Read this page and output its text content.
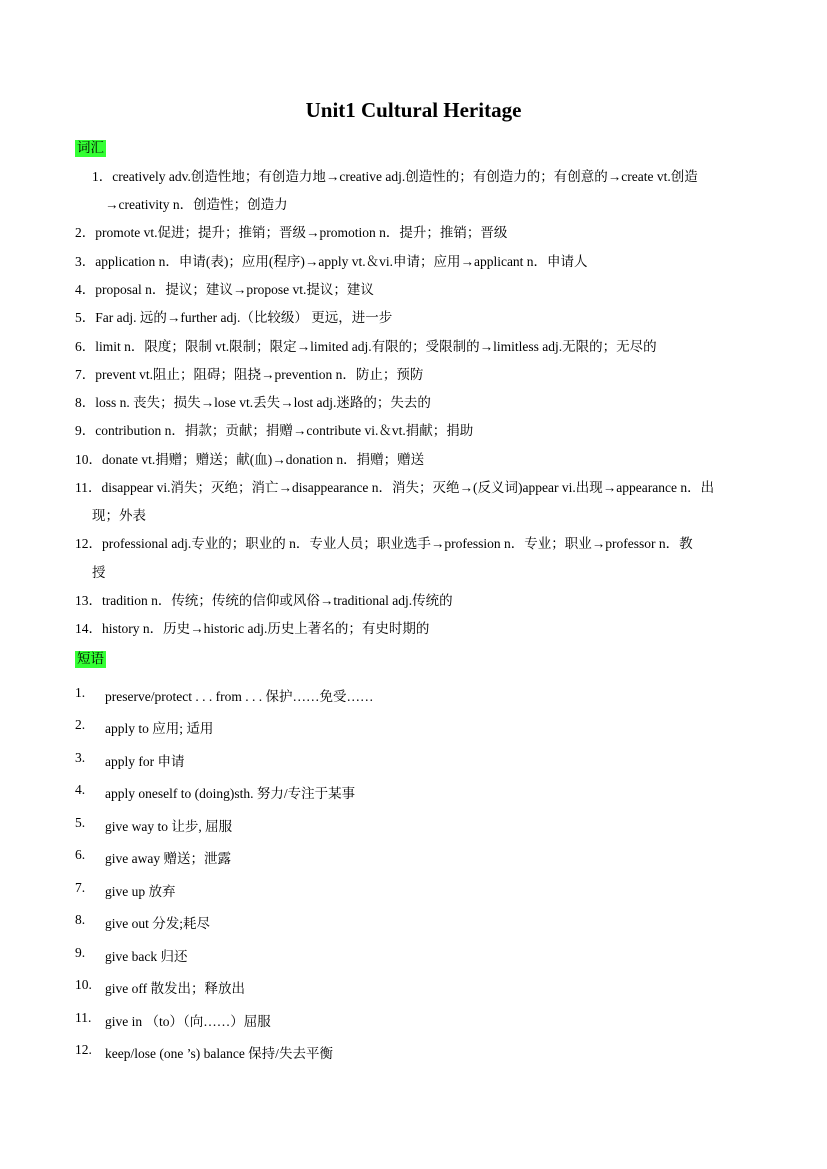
Unit1 Cultural Heritage
词汇
1．creatively adv.创造性地；有创造力地→creative adj.创造性的；有创造力的；有创意的→create vt.创造
→creativity n．创造性；创造力
2．promote vt.促进；提升；推销；晋级→promotion n．提升；推销；晋级
3．application n．申请(表)；应用(程序)→apply vt.＆vi.申请；应用→applicant n．申请人
4．proposal n．提议；建议→propose vt.提议；建议
5．Far adj. 远的→further adj.（比较级） 更远，进一步
6．limit n．限度；限制 vt.限制；限定→limited adj.有限的；受限制的→limitless adj.无限的；无尽的
7．prevent vt.阻止；阻碍；阻挠→prevention n．防止；预防
8．loss n. 丧失；损失→lose vt.丢失→lost adj.迷路的；失去的
9．contribution n．捐款；贡献；捐赠→contribute vi.＆vt.捐献；捐助
10．donate vt.捐赠；赠送；献(血)→donation n．捐赠；赠送
11．disappear vi.消失；灭绝；消亡→disappearance n．消失；灭绝→(反义词)appear vi.出现→appearance n．出
现；外表
12．professional adj.专业的；职业的 n．专业人员；职业选手→profession n．专业；职业→professor n．教
授
13．tradition n．传统；传统的信仰或风俗→traditional adj.传统的
14．history n．历史→historic adj.历史上著名的；有史时期的
短语
1. preserve/protect . . . from . . . 保护……免受……
2. apply to 应用; 适用
3. apply for 申请
4. apply oneself to (doing)sth. 努力/专注于某事
5. give way to 让步, 屈服
6. give away 赠送；泄露
7. give up 放弃
8. give out 分发;耗尽
9. give back 归还
10. give off 散发出；释放出
11. give in （to）（向……）屈服
12. keep/lose (one ’s) balance 保持/失去平衡
